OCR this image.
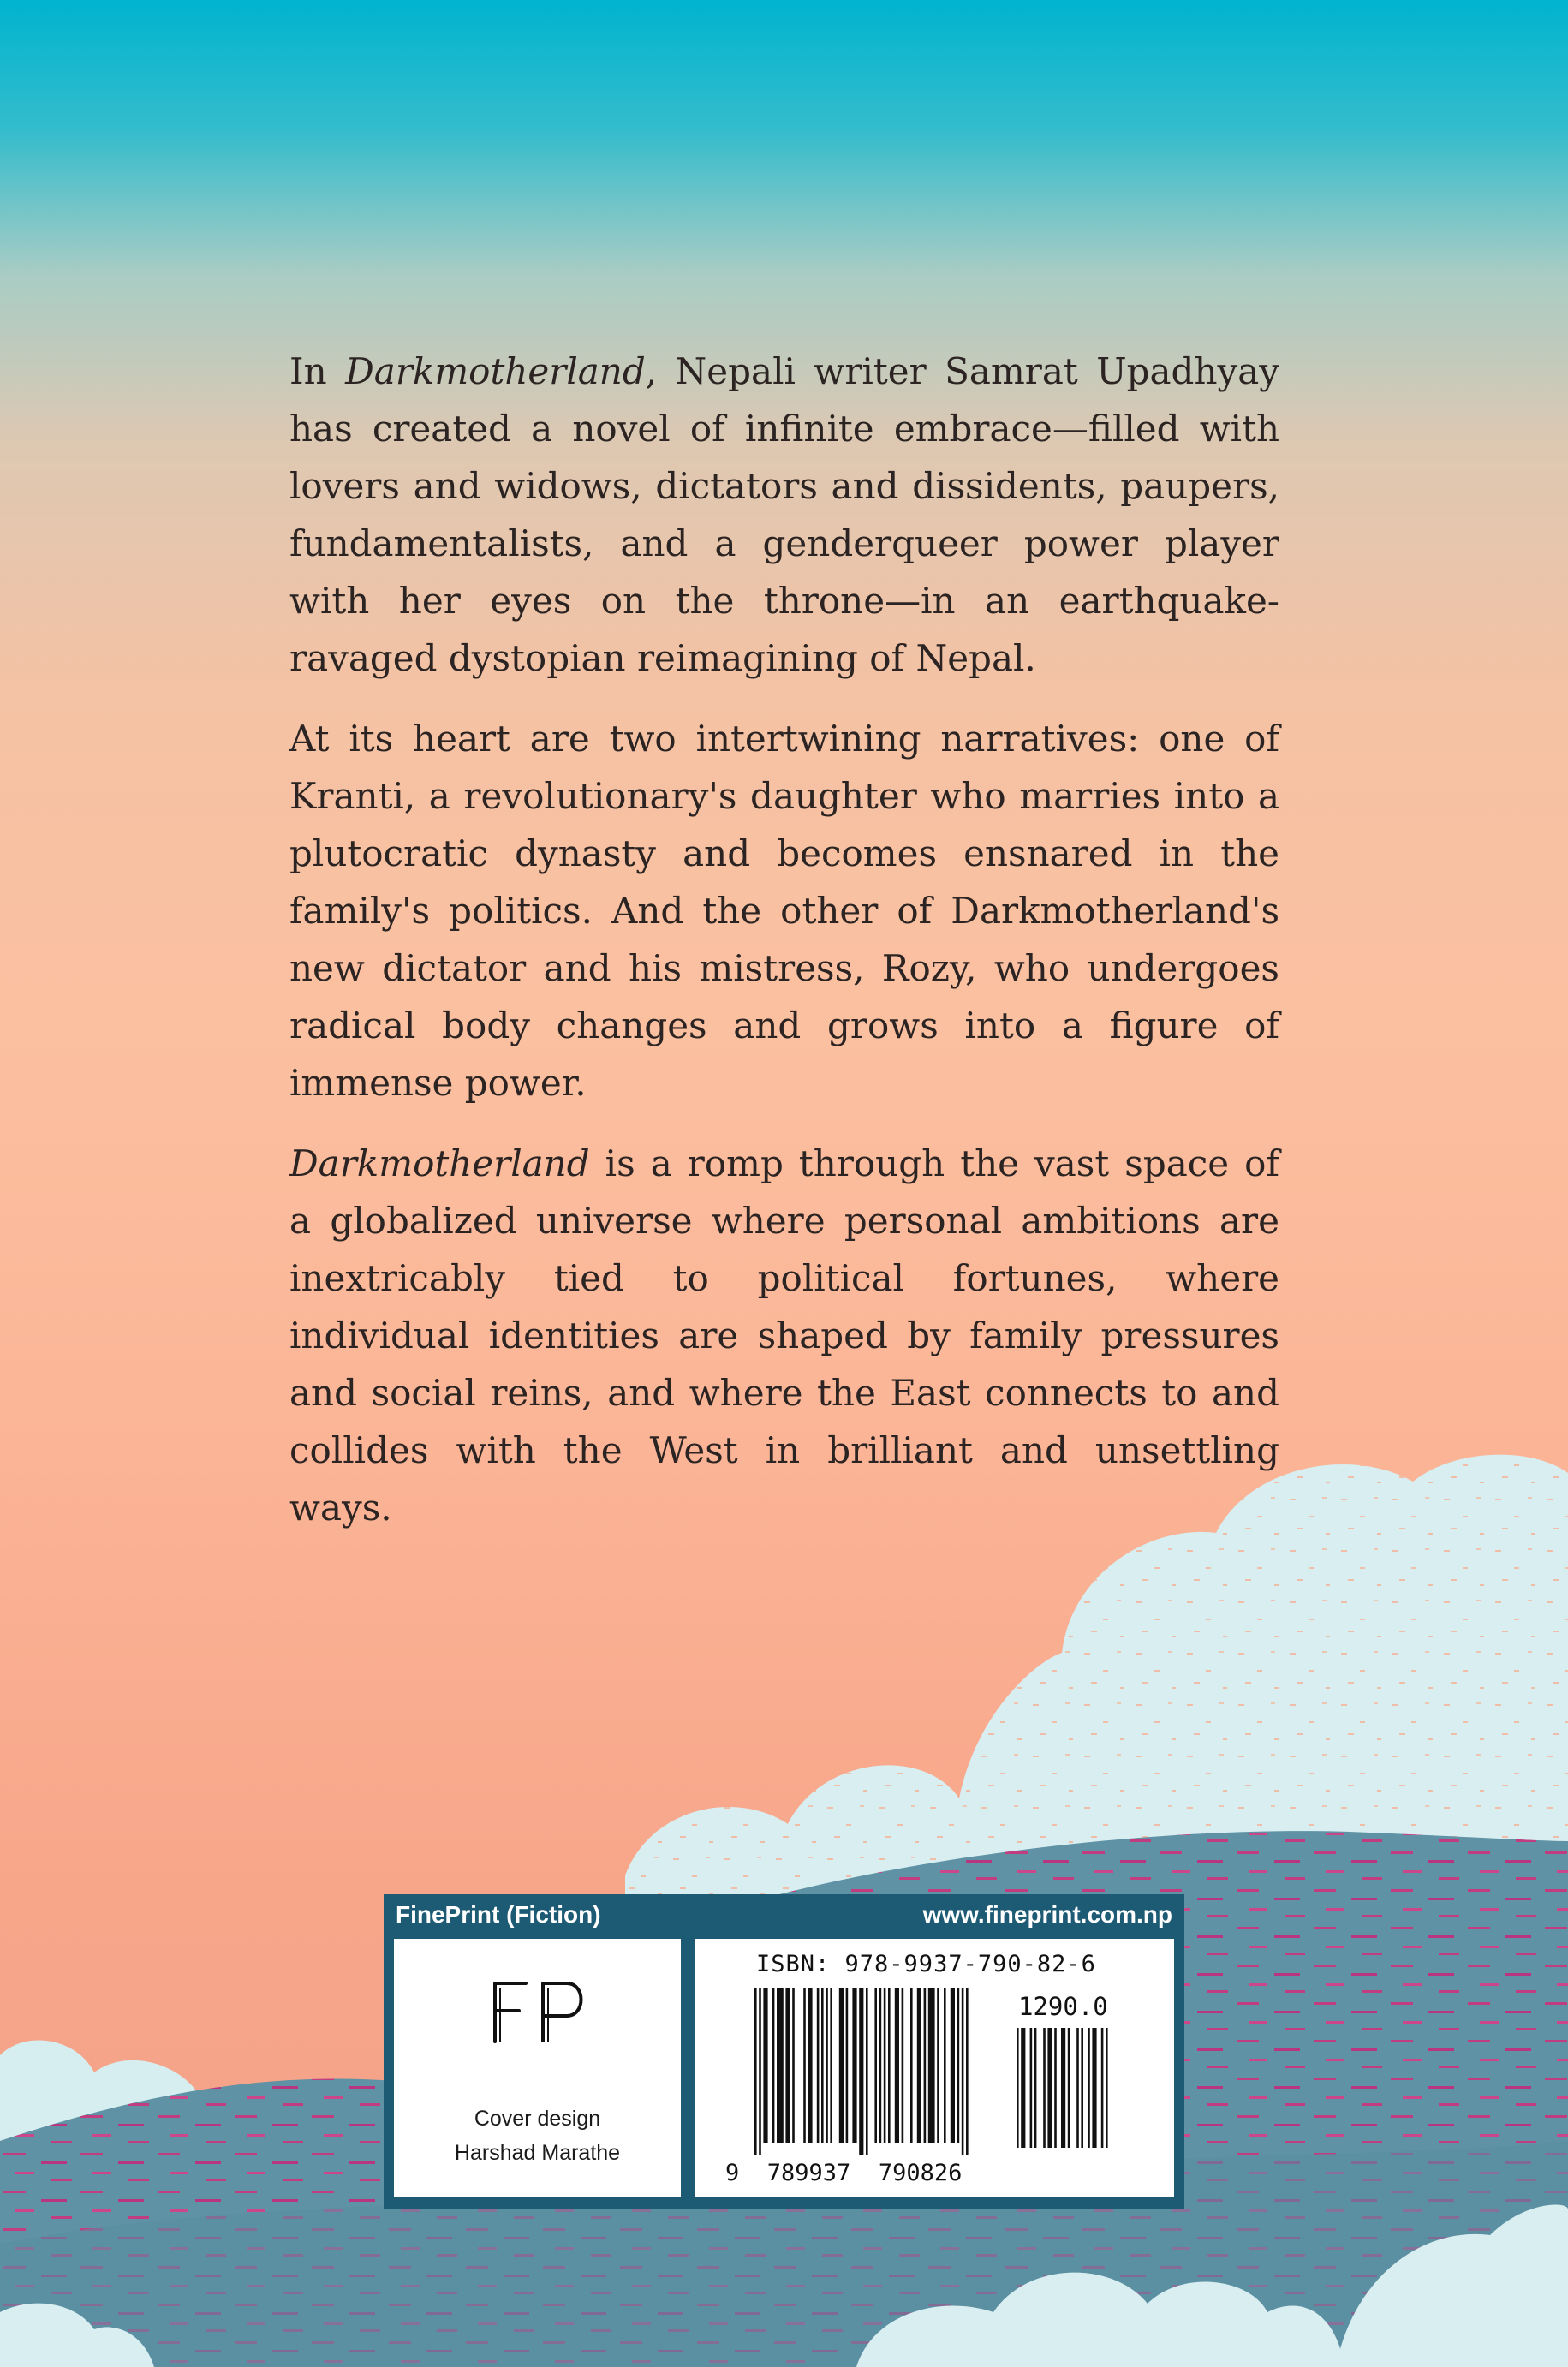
In Darkmotherland, Nepali writer Samrat Upadhyay has created a novel of infinite embrace—filled with lovers and widows, dictators and dissidents, paupers, fundamentalists, and a genderqueer power player with her eyes on the throne—in an earthquake-ravaged dystopian reimagining of Nepal.

At its heart are two intertwining narratives: one of Kranti, a revolutionary's daughter who marries into a plutocratic dynasty and becomes ensnared in the family's politics. And the other of Darkmotherland's new dictator and his mistress, Rozy, who undergoes radical body changes and grows into a figure of immense power.

Darkmotherland is a romp through the vast space of a globalized universe where personal ambitions are inextricably tied to political fortunes, where individual identities are shaped by family pressures and social reins, and where the East connects to and collides with the West in brilliant and unsettling ways.

FinePrint (Fiction)	www.fineprint.com.np
Cover design
Harshad Marathe
ISBN: 978-9937-790-82-6
1290.0
9 789937 790826
